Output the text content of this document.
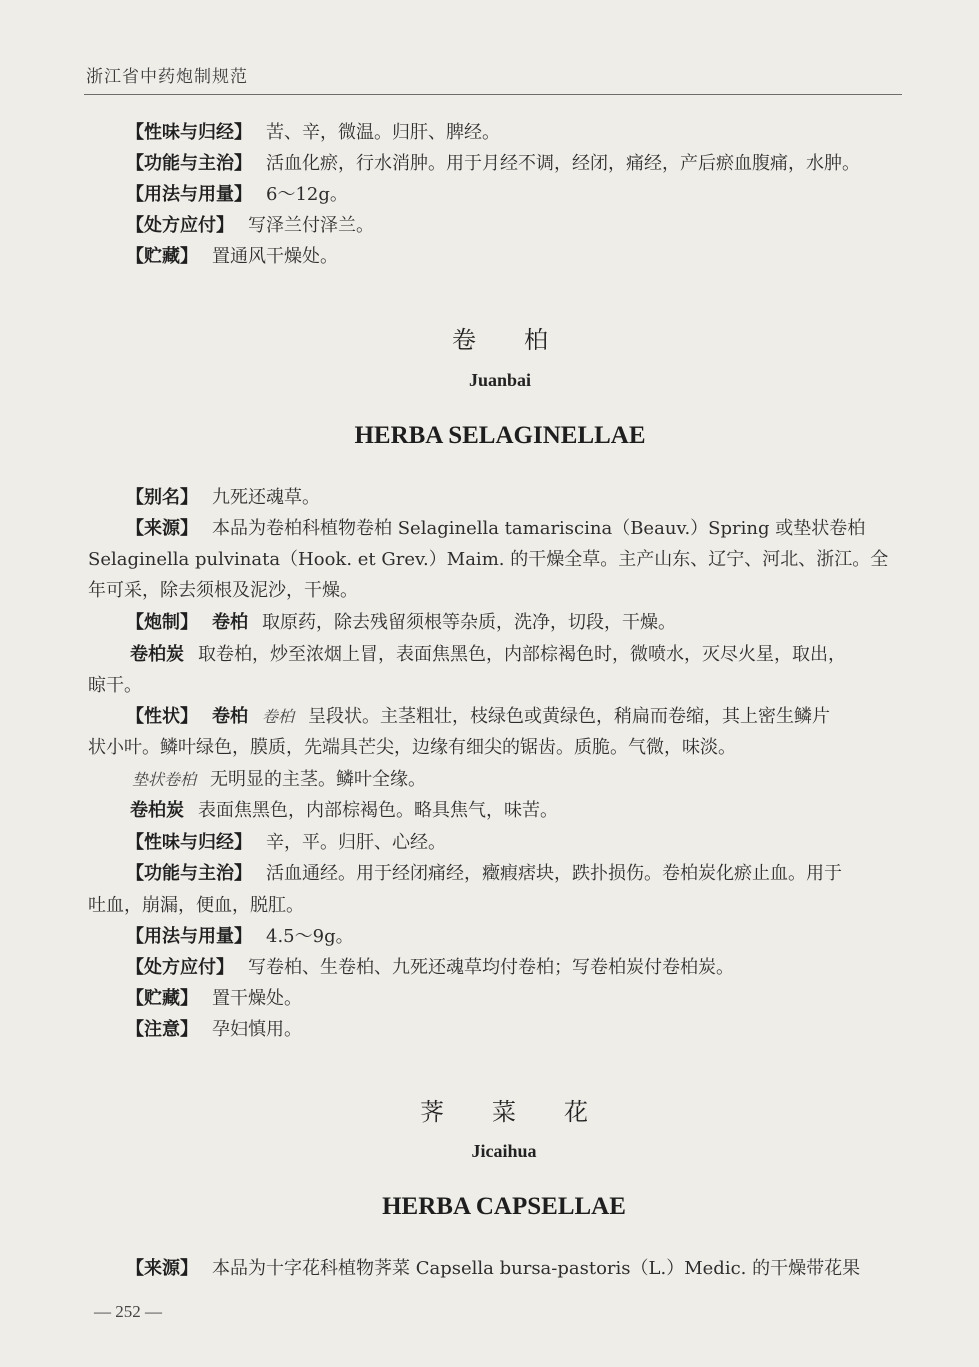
浙江省中药炮制规范
【性味与归经】 苦、辛，微温。归肝、脾经。
【功能与主治】 活血化瘀，行水消肿。用于月经不调，经闭，痛经，产后瘀血腹痛，水肿。
【用法与用量】 6～12g。
【处方应付】 写泽兰付泽兰。
【贮藏】 置通风干燥处。
卷　　柏
Juanbai
HERBA SELAGINELLAE
【别名】 九死还魂草。
【来源】 本品为卷柏科植物卷柏 Selaginella tamariscina（Beauv.）Spring 或垫状卷柏
Selaginella pulvinata（Hook. et Grev.）Maim. 的干燥全草。主产山东、辽宁、河北、浙江。全
年可采，除去须根及泥沙，干燥。
【炮制】 卷柏 取原药，除去残留须根等杂质，洗净，切段，干燥。
卷柏炭 取卷柏，炒至浓烟上冒，表面焦黑色，内部棕褐色时，微喷水，灭尽火星，取出，
晾干。
【性状】 卷柏 卷柏 呈段状。主茎粗壮，枝绿色或黄绿色，稍扁而卷缩，其上密生鳞片
状小叶。鳞叶绿色，膜质，先端具芒尖，边缘有细尖的锯齿。质脆。气微，味淡。
垫状卷柏 无明显的主茎。鳞叶全缘。
卷柏炭 表面焦黑色，内部棕褐色。略具焦气，味苦。
【性味与归经】 辛，平。归肝、心经。
【功能与主治】 活血通经。用于经闭痛经，癥瘕痞块，跌扑损伤。卷柏炭化瘀止血。用于
吐血，崩漏，便血，脱肛。
【用法与用量】 4.5～9g。
【处方应付】 写卷柏、生卷柏、九死还魂草均付卷柏；写卷柏炭付卷柏炭。
【贮藏】 置干燥处。
【注意】 孕妇慎用。
荠　　菜　　花
Jicaihua
HERBA CAPSELLAE
【来源】 本品为十字花科植物荠菜 Capsella bursa-pastoris（L.）Medic. 的干燥带花果
— 252 —
